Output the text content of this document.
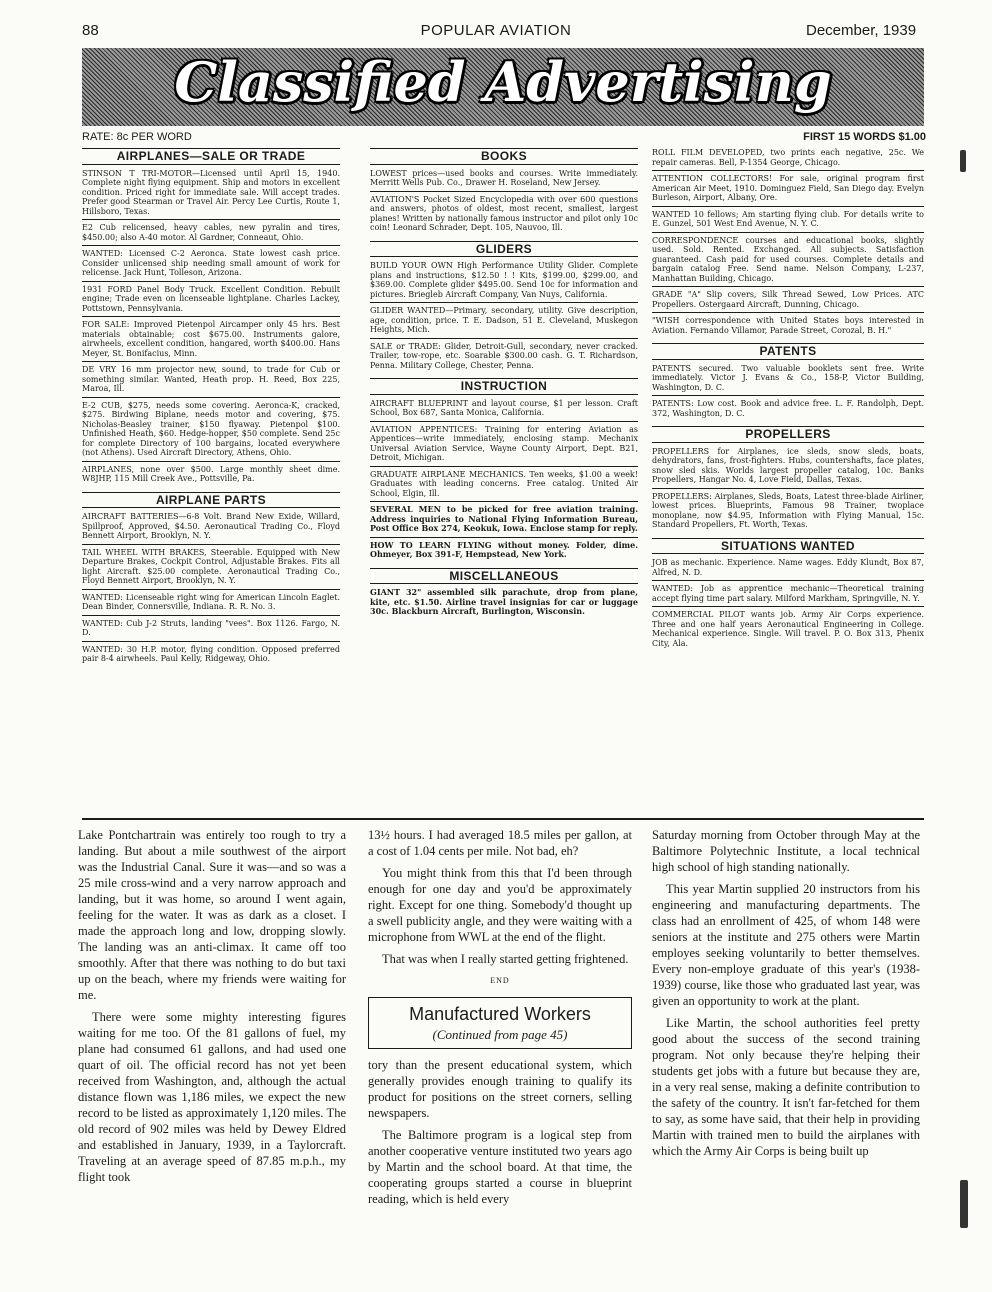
88	POPULAR AVIATION	December, 1939
Classified Advertising
RATE: 8c PER WORD	FIRST 15 WORDS $1.00
AIRPLANES—SALE OR TRADE
STINSON T TRI-MOTOR—Licensed until April 15, 1940. Complete night flying equipment. Ship and motors in excellent condition. Priced right for immediate sale. Will accept trades. Prefer good Stearman or Travel Air. Percy Lee Curtis, Route 1, Hillsboro, Texas.
E2 Cub relicensed, heavy cables, new pyralin and tires, $450.00; also A-40 motor. Al Gardner, Conneaut, Ohio.
WANTED: Licensed C-2 Aeronca. State lowest cash price. Consider unlicensed ship needing small amount of work for relicense. Jack Hunt, Tolleson, Arizona.
1931 FORD Panel Body Truck. Excellent Condition. Rebuilt engine; Trade even on licenseable lightplane. Charles Lackey, Pottstown, Pennsylvania.
FOR SALE: Improved Pietenpol Aircamper only 45 hrs. Best materials obtainable; cost $675.00. Instruments galore, airwheels, excellent condition, hangared, worth $400.00. Hans Meyer, St. Bonifacius, Minn.
DE VRY 16 mm projector new, sound, to trade for Cub or something similar. Wanted, Heath prop. H. Reed, Box 225, Maroa, Ill.
E-2 CUB, $275, needs some covering. Aeronca-K, cracked, $275. Birdwing Biplane, needs motor and covering, $75. Nicholas-Beasley trainer, $150 flyaway. Pietenpol $100. Unfinished Heath, $60. Hedge-hopper, $50 complete. Send 25c for complete Directory of 100 bargains, located everywhere (not Athens). Used Aircraft Directory, Athens, Ohio.
AIRPLANES, none over $500. Large monthly sheet dime. W8JHP, 115 Mill Creek Ave., Pottsville, Pa.
AIRPLANE PARTS
AIRCRAFT BATTERIES—6-8 Volt. Brand New Exide, Willard, Spillproof, Approved, $4.50. Aeronautical Trading Co., Floyd Bennett Airport, Brooklyn, N. Y.
TAIL WHEEL WITH BRAKES, Steerable. Equipped with New Departure Brakes, Cockpit Control, Adjustable Brakes. Fits all light Aircraft. $25.00 complete. Aeronautical Trading Co., Floyd Bennett Airport, Brooklyn, N. Y.
WANTED: Licenseable right wing for American Lincoln Eaglet. Dean Binder, Connersville, Indiana. R. R. No. 3.
WANTED: Cub J-2 Struts, landing "vees". Box 1126. Fargo, N. D.
WANTED: 30 H.P. motor, flying condition. Opposed preferred pair 8-4 airwheels. Paul Kelly, Ridgeway, Ohio.
BOOKS
LOWEST prices—used books and courses. Write immediately. Merritt Wells Pub. Co., Drawer H. Roseland, New Jersey.
AVIATION'S Pocket Sized Encyclopedia with over 600 questions and answers, photos of oldest, most recent, smallest, largest planes! Written by nationally famous instructor and pilot only 10c coin! Leonard Schrader, Dept. 105, Nauvoo, Ill.
GLIDERS
BUILD YOUR OWN High Performance Utility Glider. Complete plans and instructions, $12.50 ! ! Kits, $199.00, $299.00, and $369.00. Complete glider $495.00. Send 10c for information and pictures. Briegleb Aircraft Company, Van Nuys, California.
GLIDER WANTED—Primary, secondary, utility. Give description, age, condition, price. T. E. Dadson, 51 E. Cleveland, Muskegon Heights, Mich.
SALE or TRADE: Glider, Detroit-Gull, secondary, never cracked. Trailer, tow-rope, etc. Soarable $300.00 cash. G. T. Richardson, Penna. Military College, Chester, Penna.
INSTRUCTION
AIRCRAFT BLUEPRINT and layout course, $1 per lesson. Craft School, Box 687, Santa Monica, California.
AVIATION APPENTICES: Training for entering Aviation as Appentices—write immediately, enclosing stamp. Mechanix Universal Aviation Service, Wayne County Airport, Dept. B21, Detroit, Michigan.
GRADUATE AIRPLANE MECHANICS. Ten weeks, $1.00 a week! Graduates with leading concerns. Free catalog. United Air School, Elgin, Ill.
SEVERAL MEN to be picked for free aviation training. Address inquiries to National Flying Information Bureau, Post Office Box 274, Keokuk, Iowa. Enclose stamp for reply.
HOW TO LEARN FLYING without money. Folder, dime. Ohmeyer, Box 391-F, Hempstead, New York.
MISCELLANEOUS
GIANT 32" assembled silk parachute, drop from plane, kite, etc. $1.50. Airline travel insignias for car or luggage 30c. Blackburn Aircraft, Burlington, Wisconsin.
ROLL FILM DEVELOPED, two prints each negative, 25c. We repair cameras. Bell, P-1354 George, Chicago.
ATTENTION COLLECTORS! For sale, original program first American Air Meet, 1910. Dominguez Field, San Diego day. Evelyn Burleson, Airport, Albany, Ore.
WANTED 10 fellows; Am starting flying club. For details write to E. Gunzel, 501 West End Avenue, N. Y. C.
CORRESPONDENCE courses and educational books, slightly used. Sold. Rented. Exchanged. All subjects. Satisfaction guaranteed. Cash paid for used courses. Complete details and bargain catalog Free. Send name. Nelson Company, L-237, Manhattan Building, Chicago.
GRADE "A" Slip covers, Silk Thread Sewed, Low Prices. ATC Propellers. Ostergaard Aircraft, Dunning, Chicago.
"WISH correspondence with United States boys interested in Aviation. Fernando Villamor, Parade Street, Corozal, B. H."
PATENTS
PATENTS secured. Two valuable booklets sent free. Write immediately. Victor J. Evans & Co., 158-P, Victor Building, Washington, D. C.
PATENTS: Low cost. Book and advice free. L. F. Randolph, Dept. 372, Washington, D. C.
PROPELLERS
PROPELLERS for Airplanes, ice sleds, snow sleds, boats, dehydrators, fans, frost-fighters. Hubs, countershafts, face plates, snow sled skis. Worlds largest propeller catalog, 10c. Banks Propellers, Hangar No. 4, Love Field, Dallas, Texas.
PROPELLERS: Airplanes, Sleds, Boats, Latest three-blade Airliner, lowest prices. Blueprints, Famous 98 Trainer, twoplace monoplane, now $4.95, Information with Flying Manual, 15c. Standard Propellers, Ft. Worth, Texas.
SITUATIONS WANTED
JOB as mechanic. Experience. Name wages. Eddy Klundt, Box 87, Alfred, N. D.
WANTED: Job as apprentice mechanic—Theoretical training accept flying time part salary. Milford Markham, Springville, N. Y.
COMMERCIAL PILOT wants job. Army Air Corps experience. Three and one half years Aeronautical Engineering in College. Mechanical experience. Single. Will travel. P. O. Box 313, Phenix City, Ala.

Lake Pontchartrain was entirely too rough to try a landing. But about a mile southwest of the airport was the Industrial Canal. Sure it was—and so was a 25 mile cross-wind and a very narrow approach and landing, but it was home, so around I went again, feeling for the water. It was as dark as a closet. I made the approach long and low, dropping slowly. The landing was an anti-climax. It came off too smoothly. After that there was nothing to do but taxi up on the beach, where my friends were waiting for me.

There were some mighty interesting figures waiting for me too. Of the 81 gallons of fuel, my plane had consumed 61 gallons, and had used one quart of oil. The official record has not yet been received from Washington, and, although the actual distance flown was 1,186 miles, we expect the new record to be listed as approximately 1,120 miles. The old record of 902 miles was held by Dewey Eldred and established in January, 1939, in a Taylorcraft. Traveling at an average speed of 87.85 m.p.h., my flight took

13½ hours. I had averaged 18.5 miles per gallon, at a cost of 1.04 cents per mile. Not bad, eh?

You might think from this that I'd been through enough for one day and you'd be approximately right. Except for one thing. Somebody'd thought up a swell publicity angle, and they were waiting with a microphone from WWL at the end of the flight.

That was when I really started getting frightened.

END
Manufactured Workers
(Continued from page 45)

tory than the present educational system, which generally provides enough training to qualify its product for positions on the street corners, selling newspapers.

The Baltimore program is a logical step from another cooperative venture instituted two years ago by Martin and the school board. At that time, the cooperating groups started a course in blueprint reading, which is held every

Saturday morning from October through May at the Baltimore Polytechnic Institute, a local technical high school of high standing nationally.

This year Martin supplied 20 instructors from his engineering and manufacturing departments. The class had an enrollment of 425, of whom 148 were seniors at the institute and 275 others were Martin employes seeking voluntarily to better themselves. Every non-employe graduate of this year's (1938-1939) course, like those who graduated last year, was given an opportunity to work at the plant.

Like Martin, the school authorities feel pretty good about the success of the second training program. Not only because they're helping their students get jobs with a future but because they are, in a very real sense, making a definite contribution to the safety of the country. It isn't far-fetched for them to say, as some have said, that their help in providing Martin with trained men to build the airplanes with which the Army Air Corps is being built up
